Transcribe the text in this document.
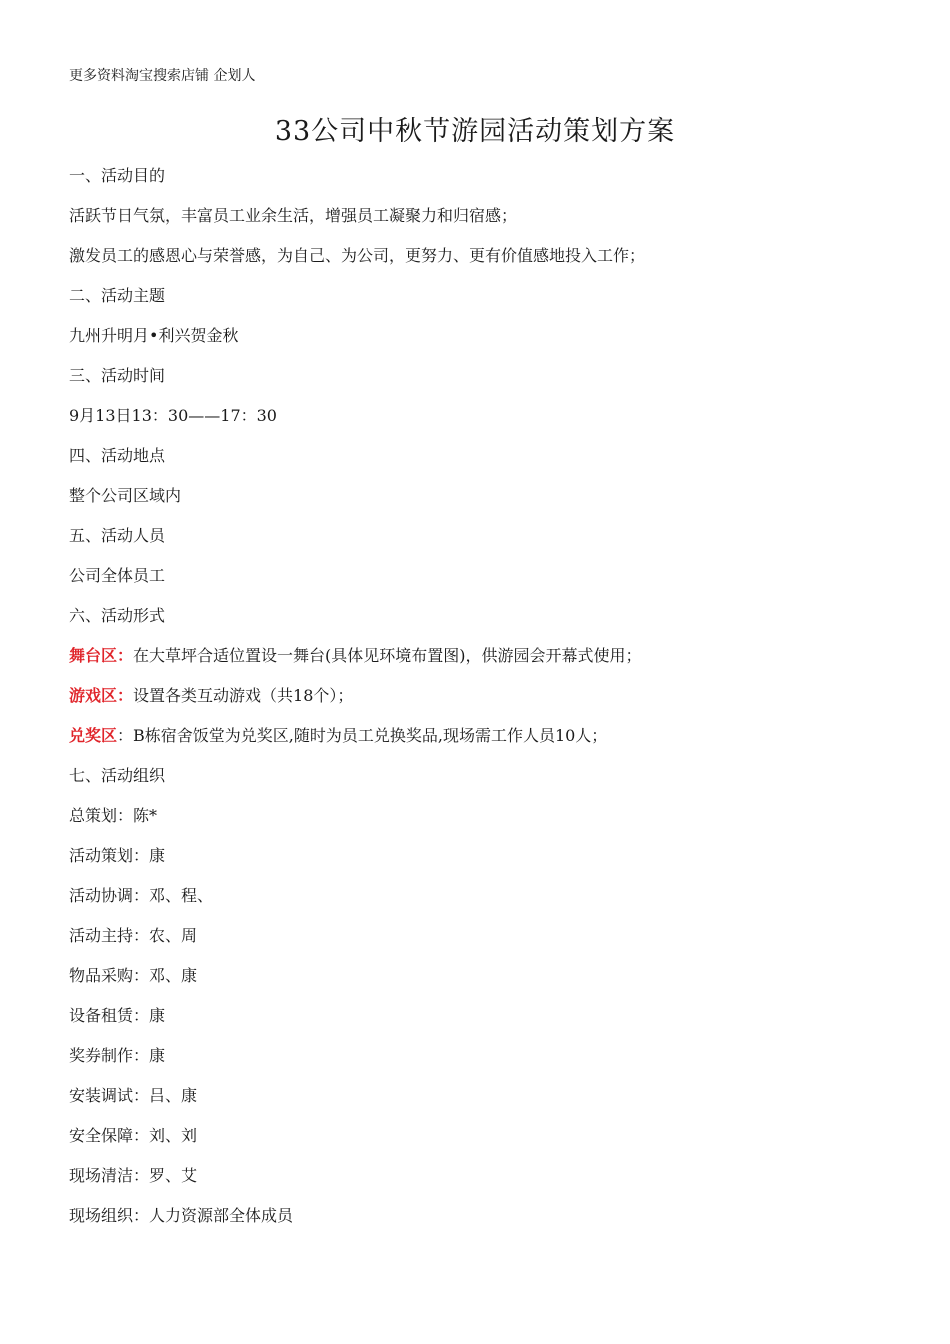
更多资料淘宝搜索店铺 企划人
33公司中秋节游园活动策划方案
一、活动目的
活跃节日气氛，丰富员工业余生活，增强员工凝聚力和归宿感；
激发员工的感恩心与荣誉感，为自己、为公司，更努力、更有价值感地投入工作；
二、活动主题
九州升明月•利兴贺金秋
三、活动时间
9月13日13：30——17：30
四、活动地点
整个公司区域内
五、活动人员
公司全体员工
六、活动形式
舞台区：在大草坪合适位置设一舞台(具体见环境布置图)，供游园会开幕式使用；
游戏区：设置各类互动游戏（共18个）；
兑奖区：B栋宿舍饭堂为兑奖区,随时为员工兑换奖品,现场需工作人员10人；
七、活动组织
总策划：陈*
活动策划：康
活动协调：邓、程、
活动主持：农、周
物品采购：邓、康
设备租赁：康
奖券制作：康
安装调试：吕、康
安全保障：刘、刘
现场清洁：罗、艾
现场组织：人力资源部全体成员
